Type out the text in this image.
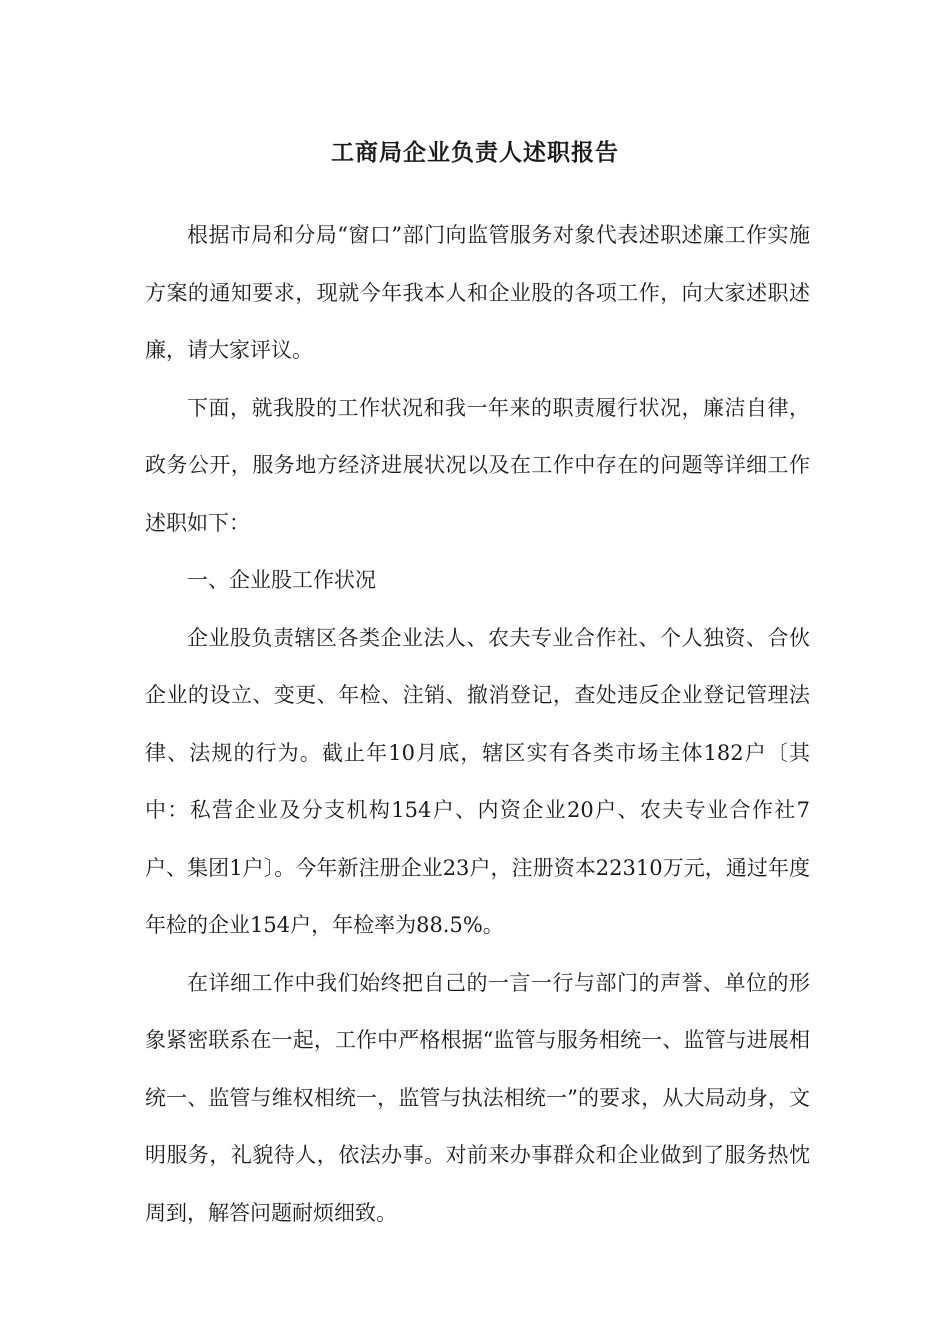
工商局企业负责人述职报告

根据市局和分局“窗口”部门向监管服务对象代表述职述廉工作实施方案的通知要求，现就今年我本人和企业股的各项工作，向大家述职述廉，请大家评议。

下面，就我股的工作状况和我一年来的职责履行状况，廉洁自律，政务公开，服务地方经济进展状况以及在工作中存在的问题等详细工作述职如下：

一、企业股工作状况

企业股负责辖区各类企业法人、农夫专业合作社、个人独资、合伙企业的设立、变更、年检、注销、撤消登记，查处违反企业登记管理法律、法规的行为。截止年10月底，辖区实有各类市场主体182户〔其中：私营企业及分支机构154户、内资企业20户、农夫专业合作社7户、集团1户〕。今年新注册企业23户，注册资本22310万元，通过年度年检的企业154户，年检率为88.5%。

在详细工作中我们始终把自己的一言一行与部门的声誉、单位的形象紧密联系在一起，工作中严格根据“监管与服务相统一、监管与进展相统一、监管与维权相统一，监管与执法相统一”的要求，从大局动身，文明服务，礼貌待人，依法办事。对前来办事群众和企业做到了服务热忱周到，解答问题耐烦细致。
